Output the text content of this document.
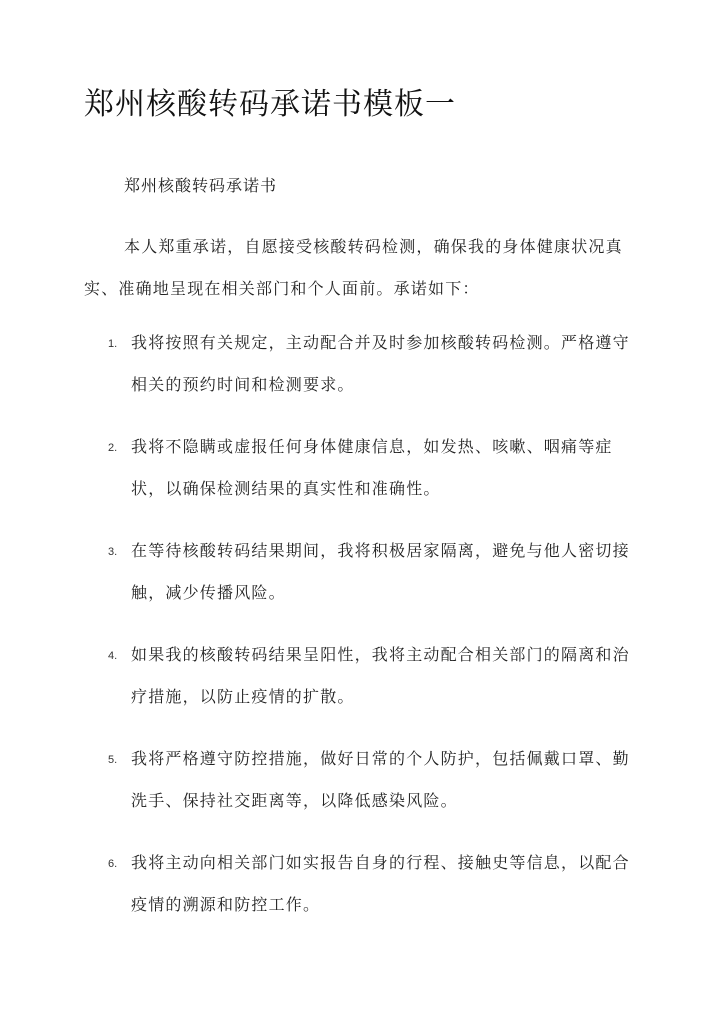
郑州核酸转码承诺书模板一
郑州核酸转码承诺书

本人郑重承诺，自愿接受核酸转码检测，确保我的身体健康状况真实、准确地呈现在相关部门和个人面前。承诺如下：

1. 我将按照有关规定，主动配合并及时参加核酸转码检测。严格遵守相关的预约时间和检测要求。
2. 我将不隐瞒或虚报任何身体健康信息，如发热、咳嗽、咽痛等症状，以确保检测结果的真实性和准确性。
3. 在等待核酸转码结果期间，我将积极居家隔离，避免与他人密切接触，减少传播风险。
4. 如果我的核酸转码结果呈阳性，我将主动配合相关部门的隔离和治疗措施，以防止疫情的扩散。
5. 我将严格遵守防控措施，做好日常的个人防护，包括佩戴口罩、勤洗手、保持社交距离等，以降低感染风险。
6. 我将主动向相关部门如实报告自身的行程、接触史等信息，以配合疫情的溯源和防控工作。
